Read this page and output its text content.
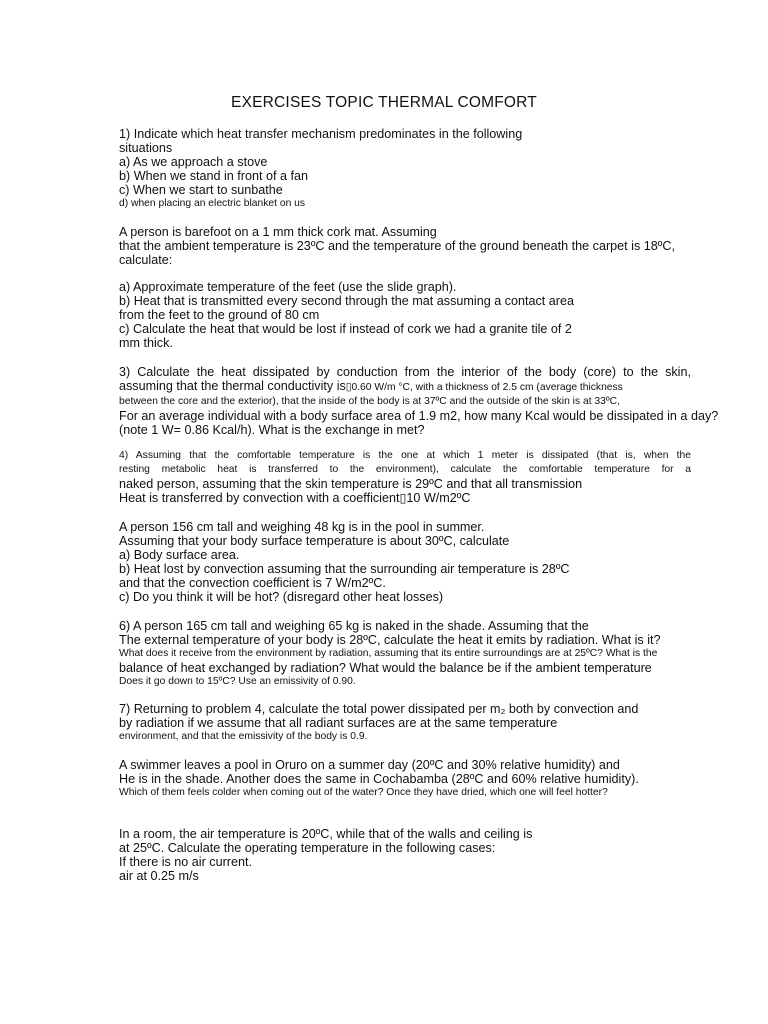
EXERCISES TOPIC THERMAL COMFORT
1) Indicate which heat transfer mechanism predominates in the following
situations
a) As we approach a stove
b) When we stand in front of a fan
c) When we start to sunbathe
d) when placing an electric blanket on us
A person is barefoot on a 1 mm thick cork mat. Assuming
that the ambient temperature is 23ºC and the temperature of the ground beneath the carpet is 18ºC,
calculate:
a) Approximate temperature of the feet (use the slide graph).
b) Heat that is transmitted every second through the mat assuming a contact area
from the feet to the ground of 80 cm
c) Calculate the heat that would be lost if instead of cork we had a granite tile of 2
mm thick.
3) Calculate the heat dissipated by conduction from the interior of the body (core) to the skin,
assuming that the thermal conductivity is▯0.60 W/m °C, with a thickness of 2.5 cm (average thickness
between the core and the exterior), that the inside of the body is at 37ºC and the outside of the skin is at 33ºC,
For an average individual with a body surface area of 1.9 m2, how many Kcal would be dissipated in a day?
(note 1 W= 0.86 Kcal/h). What is the exchange in met?
4) Assuming that the comfortable temperature is the one at which 1 meter is dissipated (that is, when the
resting metabolic heat is transferred to the environment), calculate the comfortable temperature for a
naked person, assuming that the skin temperature is 29ºC and that all transmission
Heat is transferred by convection with a coefficient▯10 W/m2ºC
A person 156 cm tall and weighing 48 kg is in the pool in summer.
Assuming that your body surface temperature is about 30ºC, calculate
a) Body surface area.
b) Heat lost by convection assuming that the surrounding air temperature is 28ºC
and that the convection coefficient is 7 W/m2ºC.
c) Do you think it will be hot? (disregard other heat losses)
6) A person 165 cm tall and weighing 65 kg is naked in the shade. Assuming that the
The external temperature of your body is 28ºC, calculate the heat it emits by radiation. What is it?
What does it receive from the environment by radiation, assuming that its entire surroundings are at 25ºC? What is the
balance of heat exchanged by radiation? What would the balance be if the ambient temperature
Does it go down to 15ºC? Use an emissivity of 0.90.
7) Returning to problem 4, calculate the total power dissipated per m₂ both by convection and
by radiation if we assume that all radiant surfaces are at the same temperature
environment, and that the emissivity of the body is 0.9.
A swimmer leaves a pool in Oruro on a summer day (20ºC and 30% relative humidity) and
He is in the shade. Another does the same in Cochabamba (28ºC and 60% relative humidity).
Which of them feels colder when coming out of the water? Once they have dried, which one will feel hotter?
In a room, the air temperature is 20ºC, while that of the walls and ceiling is
at 25ºC. Calculate the operating temperature in the following cases:
If there is no air current.
air at 0.25 m/s
